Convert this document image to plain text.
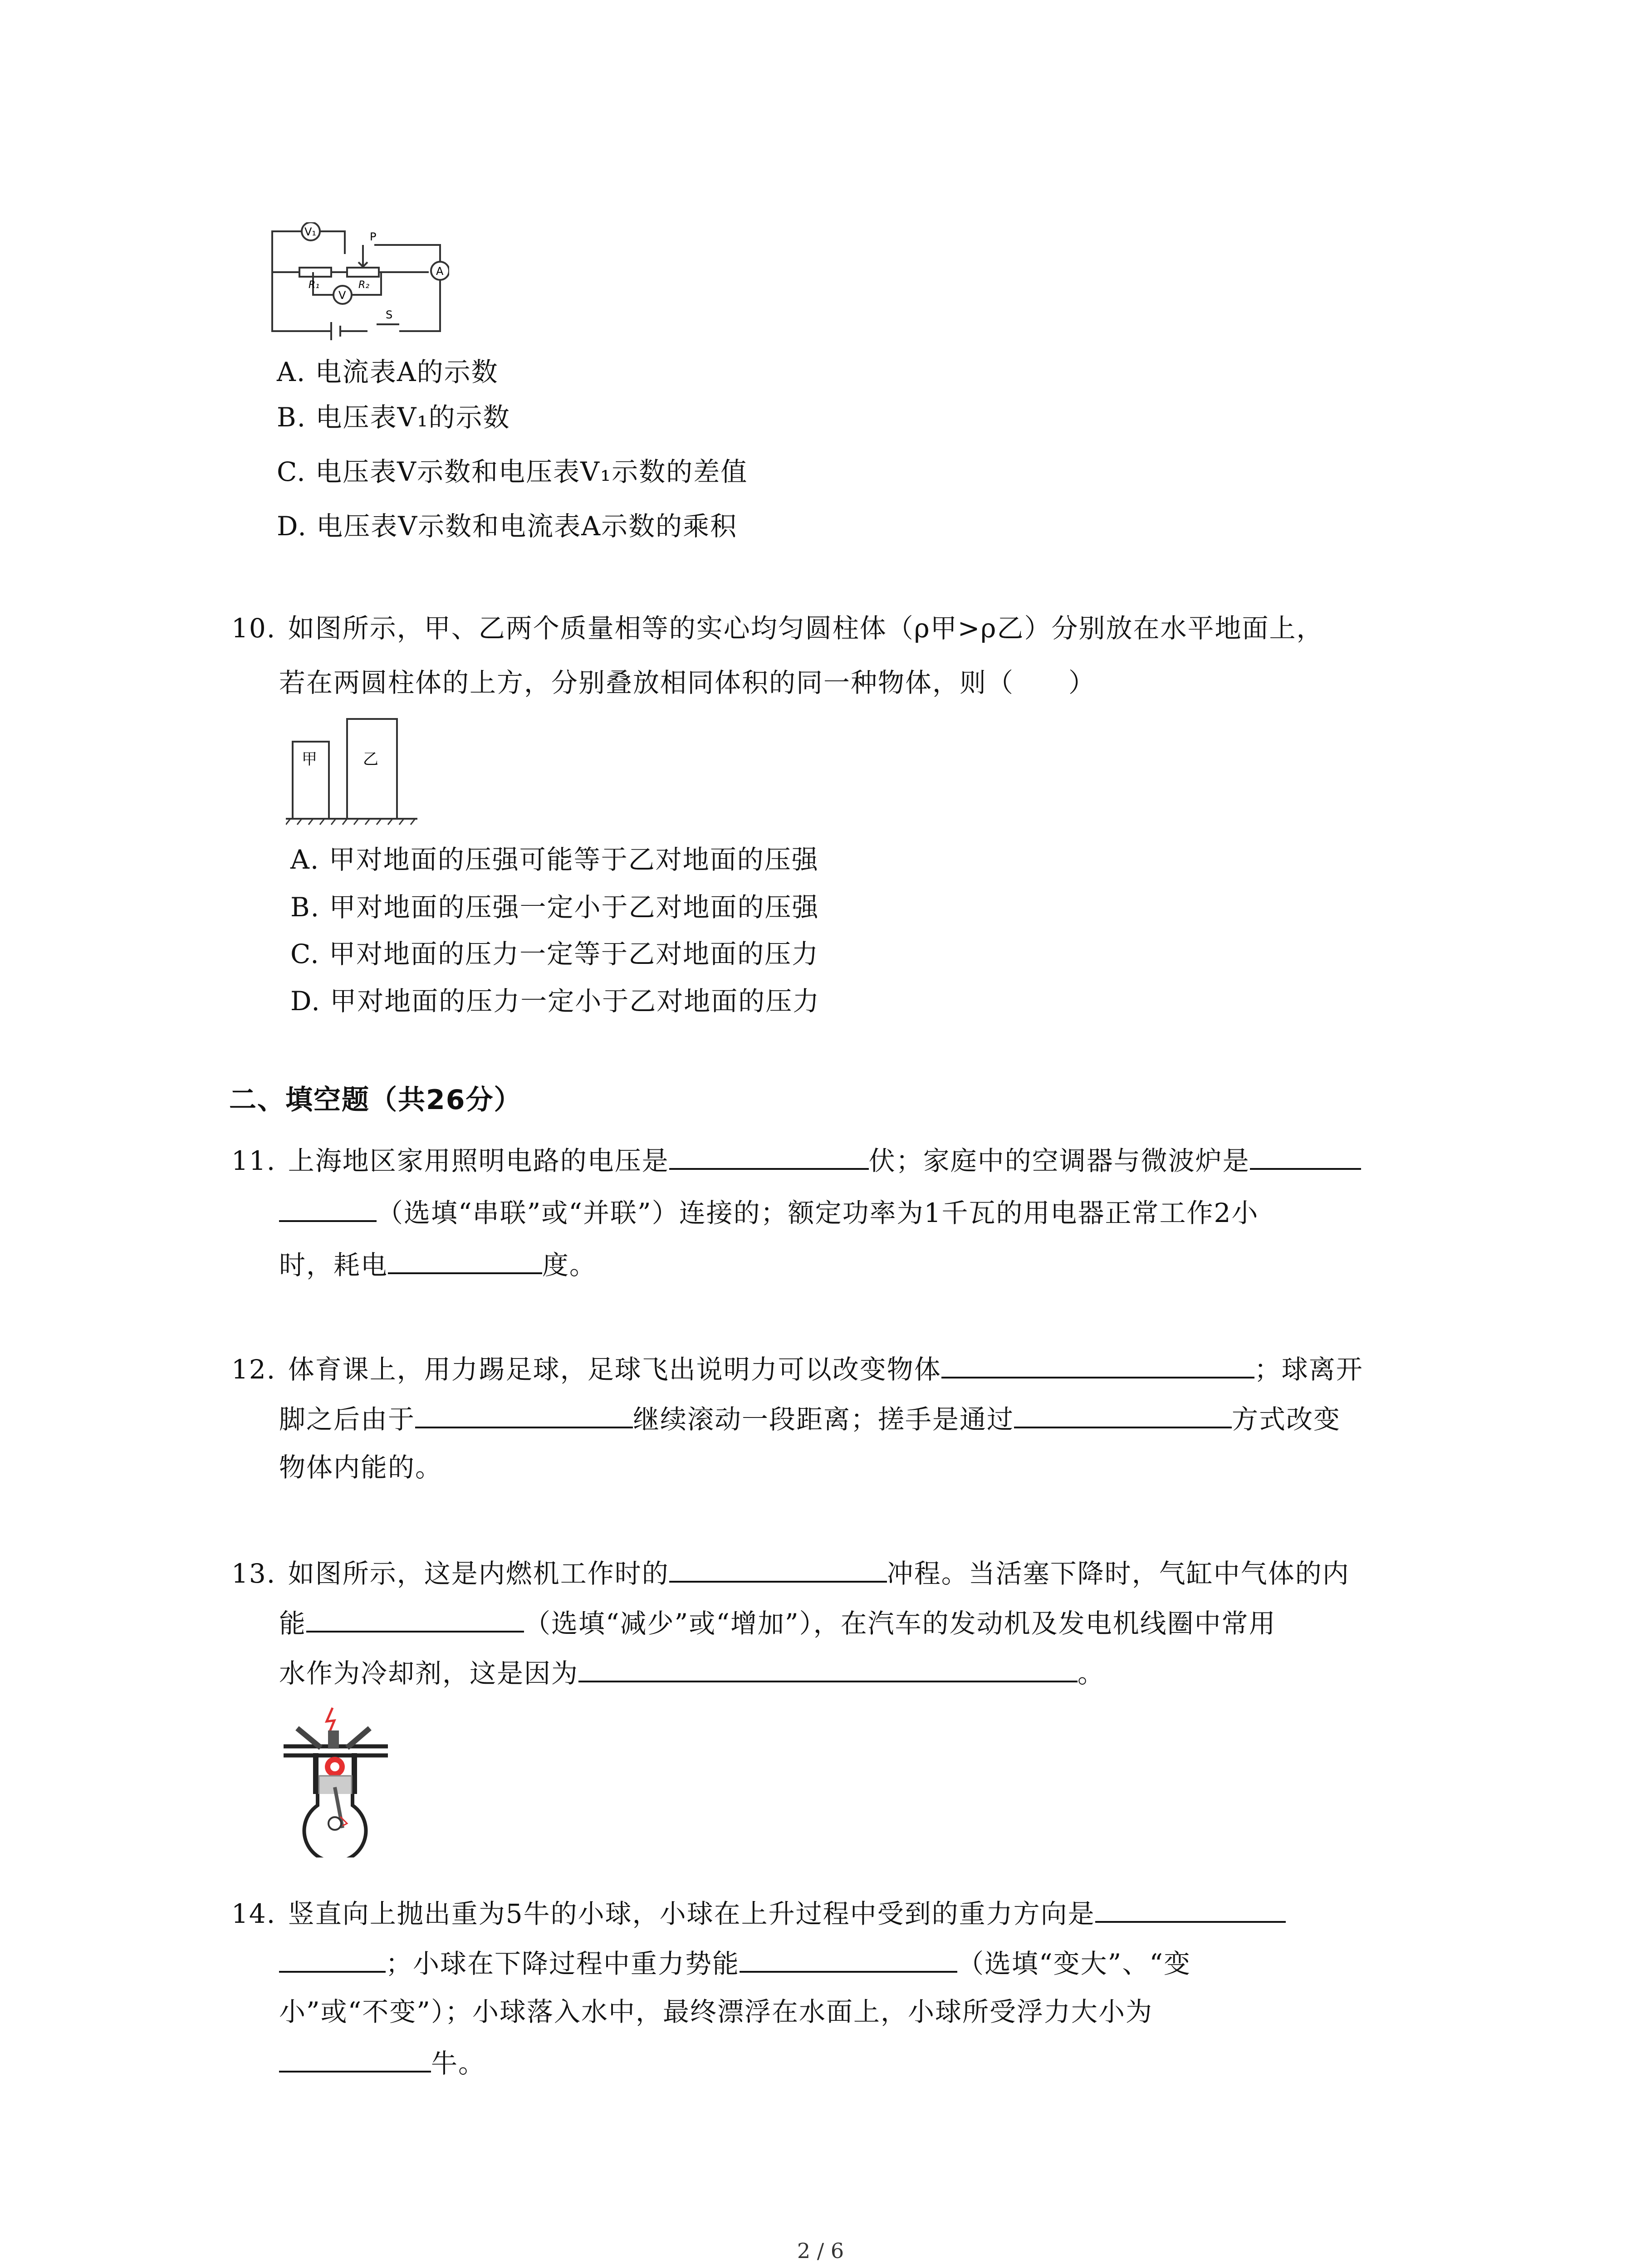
V₁
V
A
P
R₁	R₂
S
A. 电流表A的示数
B. 电压表V₁的示数
C. 电压表V示数和电压表V₁示数的差值
D. 电压表V示数和电流表A示数的乘积
10. 如图所示，甲、乙两个质量相等的实心均匀圆柱体（ρ甲>ρ乙）分别放在水平地面上，
若在两圆柱体的上方，分别叠放相同体积的同一种物体，则（　　）
甲	乙
A. 甲对地面的压强可能等于乙对地面的压强
B. 甲对地面的压强一定小于乙对地面的压强
C. 甲对地面的压力一定等于乙对地面的压力
D. 甲对地面的压力一定小于乙对地面的压力
二、填空题（共26分）
11. 上海地区家用照明电路的电压是	伏；家庭中的空调器与微波炉是
（选填“串联”或“并联”）连接的；额定功率为1千瓦的用电器正常工作2小
时，耗电	度。
12. 体育课上，用力踢足球，足球飞出说明力可以改变物体	；球离开
脚之后由于	继续滚动一段距离；搓手是通过	方式改变
物体内能的。
13. 如图所示，这是内燃机工作时的	冲程。当活塞下降时，气缸中气体的内
能	（选填“减少”或“增加”），在汽车的发动机及发电机线圈中常用
水作为冷却剂，这是因为	。
14. 竖直向上抛出重为5牛的小球，小球在上升过程中受到的重力方向是
；小球在下降过程中重力势能	（选填“变大”、“变
小”或“不变”）；小球落入水中，最终漂浮在水面上，小球所受浮力大小为
牛。
2 / 6
